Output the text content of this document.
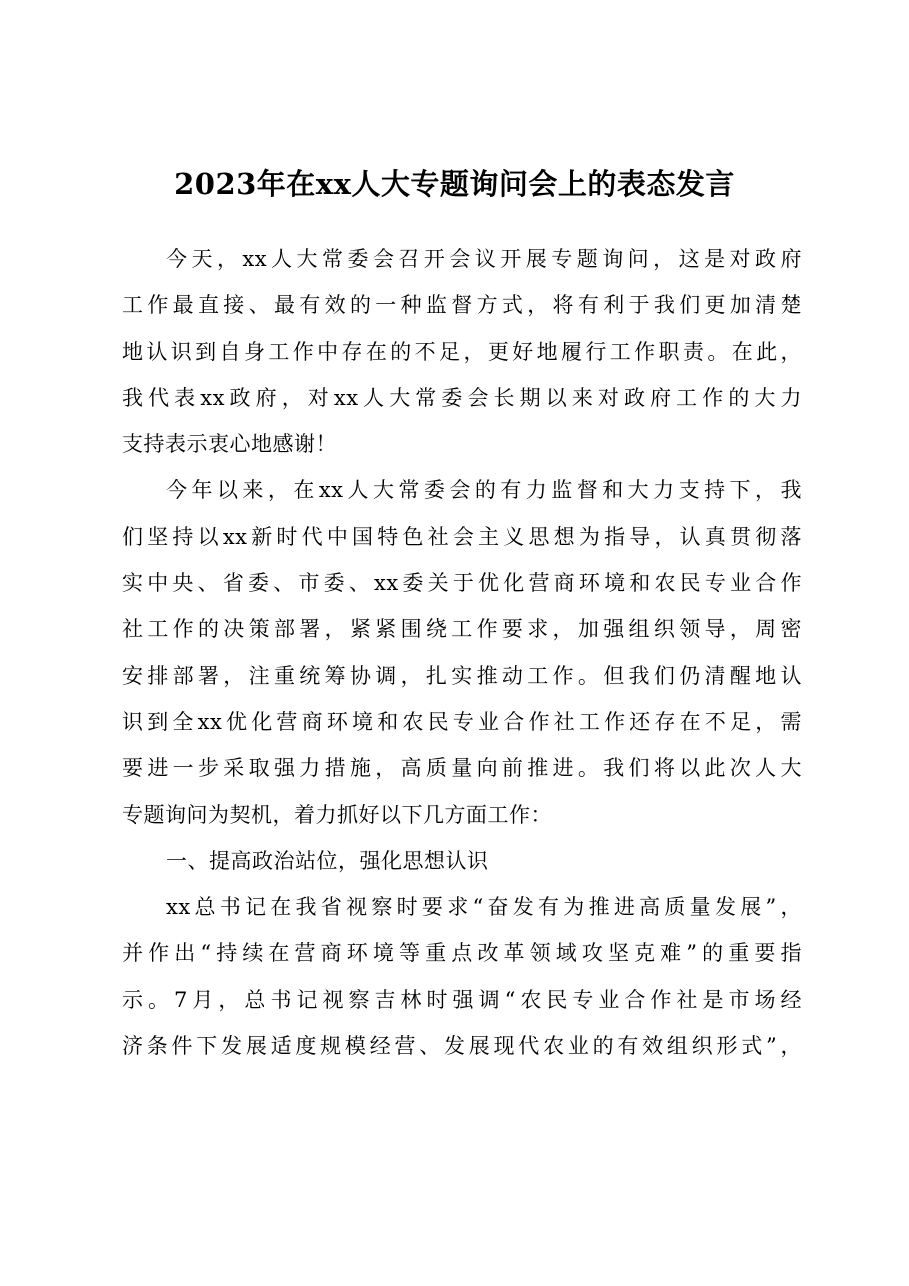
2023年在xx人大专题询问会上的表态发言
今天，xx人大常委会召开会议开展专题询问，这是对政府
工作最直接、最有效的一种监督方式，将有利于我们更加清楚
地认识到自身工作中存在的不足，更好地履行工作职责。在此，
我代表xx政府，对xx人大常委会长期以来对政府工作的大力
支持表示衷心地感谢！
今年以来，在xx人大常委会的有力监督和大力支持下，我
们坚持以xx新时代中国特色社会主义思想为指导，认真贯彻落
实中央、省委、市委、xx委关于优化营商环境和农民专业合作
社工作的决策部署，紧紧围绕工作要求，加强组织领导，周密
安排部署，注重统筹协调，扎实推动工作。但我们仍清醒地认
识到全xx优化营商环境和农民专业合作社工作还存在不足，需
要进一步采取强力措施，高质量向前推进。我们将以此次人大
专题询问为契机，着力抓好以下几方面工作：
一、提高政治站位，强化思想认识
xx总书记在我省视察时要求“奋发有为推进高质量发展”，
并作出“持续在营商环境等重点改革领域攻坚克难”的重要指
示。7月，总书记视察吉林时强调“农民专业合作社是市场经
济条件下发展适度规模经营、发展现代农业的有效组织形式”，
